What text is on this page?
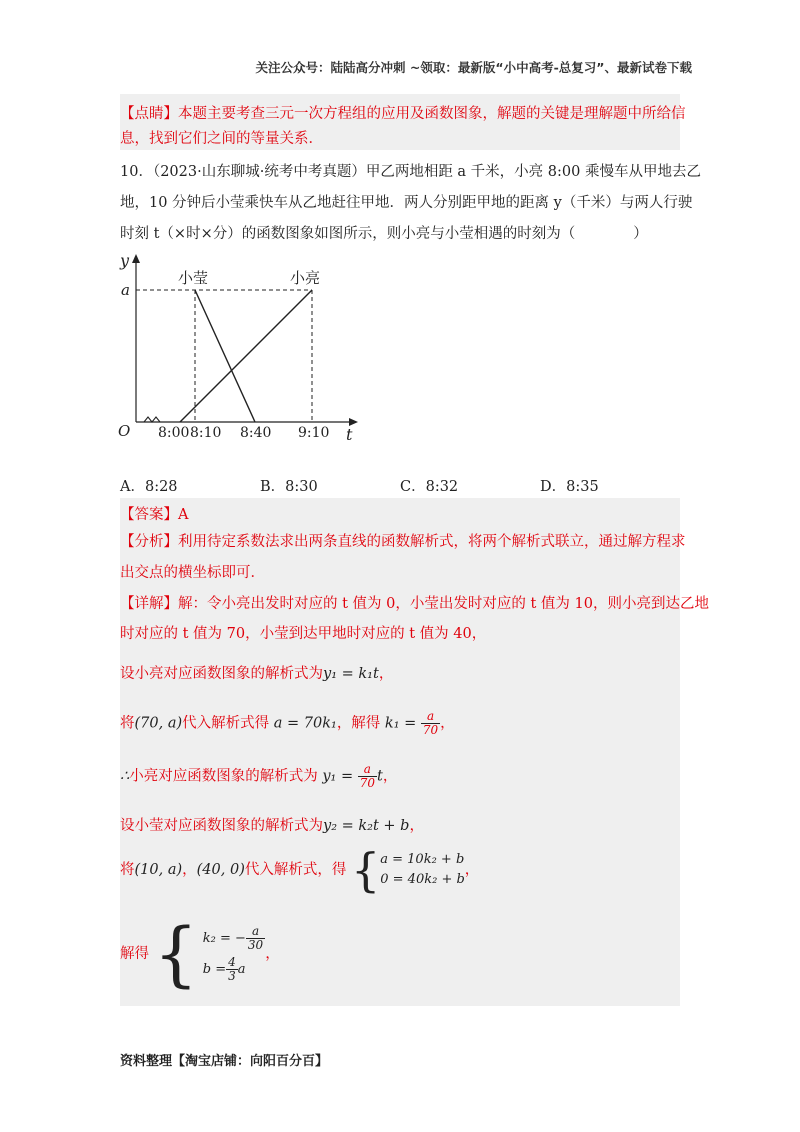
关注公众号：陆陆高分冲刺 ~领取：最新版“小中高考-总复习”、最新试卷下载
【点睛】本题主要考查三元一次方程组的应用及函数图象，解题的关键是理解题中所给信
息，找到它们之间的等量关系．
10．（2023·山东聊城·统考中考真题）甲乙两地相距 a 千米，小亮 8:00 乘慢车从甲地去乙
地，10 分钟后小莹乘快车从乙地赶往甲地．两人分别距甲地的距离 y（千米）与两人行驶
时刻 t（×时×分）的函数图象如图所示，则小亮与小莹相遇的时刻为（　　　　）
y
a
O	t
小莹	小亮
8:00 8:10 8:40 9:10
A．8:28	B．8:30	C．8:32	D．8:35
【答案】A
【分析】利用待定系数法求出两条直线的函数解析式，将两个解析式联立，通过解方程求
出交点的横坐标即可．
【详解】解：令小亮出发时对应的 t 值为 0，小莹出发时对应的 t 值为 10，则小亮到达乙地
时对应的 t 值为 70，小莹到达甲地时对应的 t 值为 40，
设小亮对应函数图象的解析式为y₁ = k₁t，
将(70, a)代入解析式得 a = 70k₁，解得 $k_1 = \frac{a}{70}$ ，
∴小亮对应函数图象的解析式为 $y_1 = \frac{a}{70}$ t，
设小莹对应函数图象的解析式为y₂ = k₂t + b，
将(10, a)，(40, 0)代入解析式，得 { a = 10k₂ + b
0 = 40k₂ + b
，
解得 { k₂ = − $\frac{a}{30}$
$b = \frac{4}{3}$ a
，
资料整理【淘宝店铺：向阳百分百】
